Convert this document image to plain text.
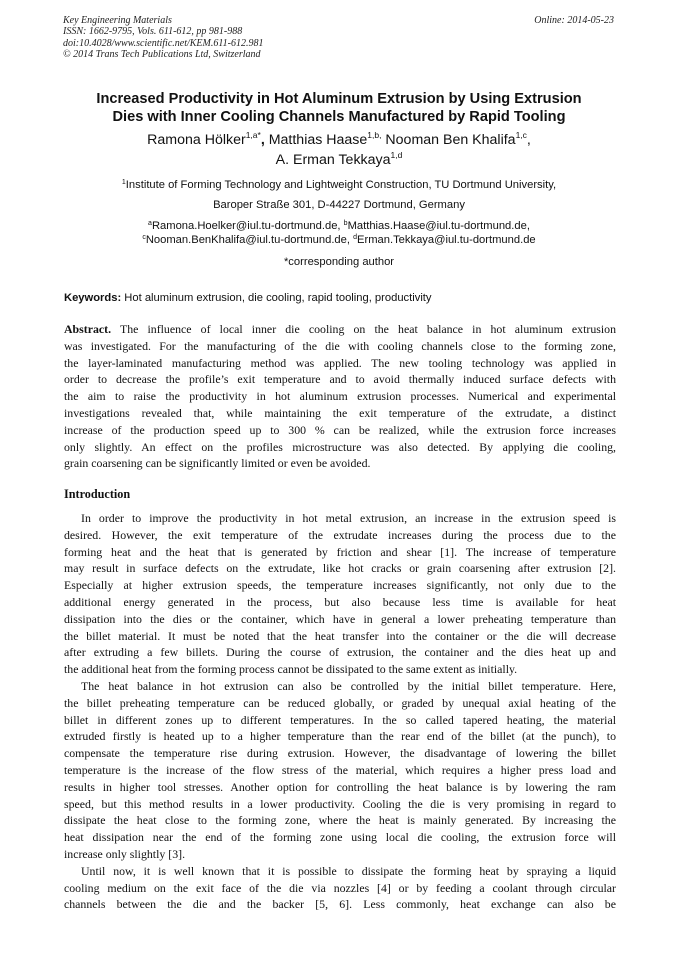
Key Engineering Materials
ISSN: 1662-9795, Vols. 611-612, pp 981-988
doi:10.4028/www.scientific.net/KEM.611-612.981
© 2014 Trans Tech Publications Ltd, Switzerland
Online: 2014-05-23
Increased Productivity in Hot Aluminum Extrusion by Using Extrusion
Dies with Inner Cooling Channels Manufactured by Rapid Tooling
Ramona Hölker$^{1,a*}$, Matthias Haase$^{1,b,}$ Nooman Ben Khalifa$^{1,c}$,
A. Erman Tekkaya$^{1,d}$
$^1$Institute of Forming Technology and Lightweight Construction, TU Dortmund University,
Baroper Straße 301, D-44227 Dortmund, Germany
$^a$Ramona.Hoelker@iul.tu-dortmund.de, $^b$Matthias.Haase@iul.tu-dortmund.de,
$^c$Nooman.BenKhalifa@iul.tu-dortmund.de, $^d$Erman.Tekkaya@iul.tu-dortmund.de
*corresponding author
Keywords: Hot aluminum extrusion, die cooling, rapid tooling, productivity
Abstract. The influence of local inner die cooling on the heat balance in hot aluminum extrusion
was investigated. For the manufacturing of the die with cooling channels close to the forming zone,
the layer-laminated manufacturing method was applied. The new tooling technology was applied in
order to decrease the profile’s exit temperature and to avoid thermally induced surface defects with
the aim to raise the productivity in hot aluminum extrusion processes. Numerical and experimental
investigations revealed that, while maintaining the exit temperature of the extrudate, a distinct
increase of the production speed up to 300 % can be realized, while the extrusion force increases
only slightly. An effect on the profiles microstructure was also detected. By applying die cooling,
grain coarsening can be significantly limited or even be avoided.
Introduction
In order to improve the productivity in hot metal extrusion, an increase in the extrusion speed is
desired. However, the exit temperature of the extrudate increases during the process due to the
forming heat and the heat that is generated by friction and shear [1]. The increase of temperature
may result in surface defects on the extrudate, like hot cracks or grain coarsening after extrusion [2].
Especially at higher extrusion speeds, the temperature increases significantly, not only due to the
additional energy generated in the process, but also because less time is available for heat
dissipation into the dies or the container, which have in general a lower preheating temperature than
the billet material. It must be noted that the heat transfer into the container or the die will decrease
after extruding a few billets. During the course of extrusion, the container and the dies heat up and
the additional heat from the forming process cannot be dissipated to the same extent as initially.
The heat balance in hot extrusion can also be controlled by the initial billet temperature. Here,
the billet preheating temperature can be reduced globally, or graded by unequal axial heating of the
billet in different zones up to different temperatures. In the so called tapered heating, the material
extruded firstly is heated up to a higher temperature than the rear end of the billet (at the punch), to
compensate the temperature rise during extrusion. However, the disadvantage of lowering the billet
temperature is the increase of the flow stress of the material, which requires a higher press load and
results in higher tool stresses. Another option for controlling the heat balance is by lowering the ram
speed, but this method results in a lower productivity. Cooling the die is very promising in regard to
dissipate the heat close to the forming zone, where the heat is mainly generated. By increasing the
heat dissipation near the end of the forming zone using local die cooling, the extrusion force will
increase only slightly [3].
Until now, it is well known that it is possible to dissipate the forming heat by spraying a liquid
cooling medium on the exit face of the die via nozzles [4] or by feeding a coolant through circular
channels between the die and the backer [5, 6]. Less commonly, heat exchange can also be
